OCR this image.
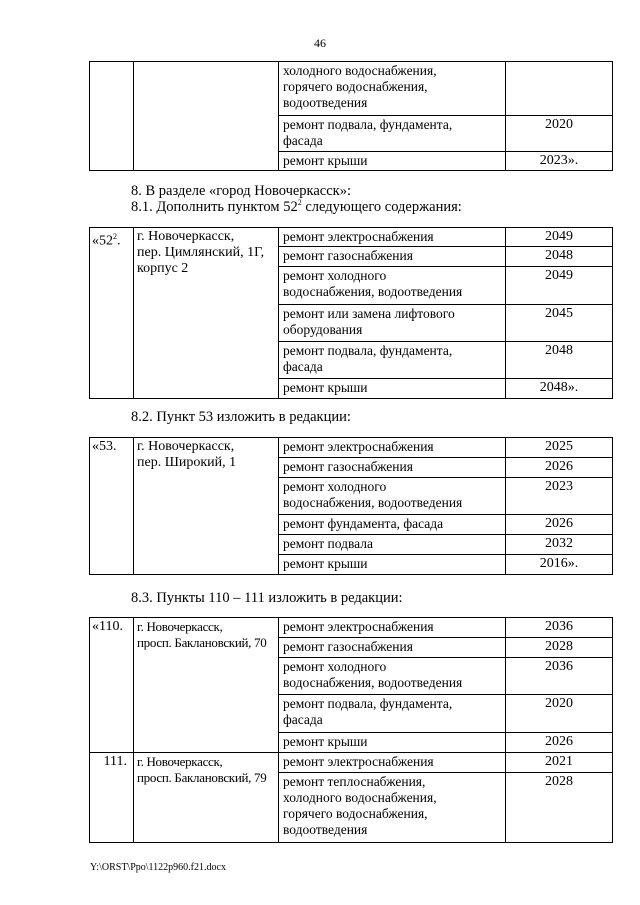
46
		холодного водоснабжения,
горячего водоснабжения,
водоотведения	
		ремонт подвала, фундамента,
фасада	2020
		ремонт крыши	2023».
8. В разделе «город Новочеркасск»:
8.1. Дополнить пунктом $52^2$ следующего содержания:
«$52^2$.	г. Новочеркасск,
пер. Цимлянский, 1Г,
корпус 2	ремонт электроснабжения	2049
		ремонт газоснабжения	2048
		ремонт холодного
водоснабжения, водоотведения	2049
		ремонт или замена лифтового
оборудования	2045
		ремонт подвала, фундамента,
фасада	2048
		ремонт крыши	2048».
8.2. Пункт 53 изложить в редакции:
«53.	г. Новочеркасск,
пер. Широкий, 1	ремонт электроснабжения	2025
		ремонт газоснабжения	2026
		ремонт холодного
водоснабжения, водоотведения	2023
		ремонт фундамента, фасада	2026
		ремонт подвала	2032
		ремонт крыши	2016».
8.3. Пункты 110 – 111 изложить в редакции:
«110.	г. Новочеркасск,
просп. Баклановский, 70	ремонт электроснабжения	2036
		ремонт газоснабжения	2028
		ремонт холодного
водоснабжения, водоотведения	2036
		ремонт подвала, фундамента,
фасада	2020
		ремонт крыши	2026
111.	г. Новочеркасск,
просп. Баклановский, 79	ремонт электроснабжения	2021
		ремонт теплоснабжения,
холодного водоснабжения,
горячего водоснабжения,
водоотведения	2028
Y:\ORST\Ppo\1122p960.f21.docx
